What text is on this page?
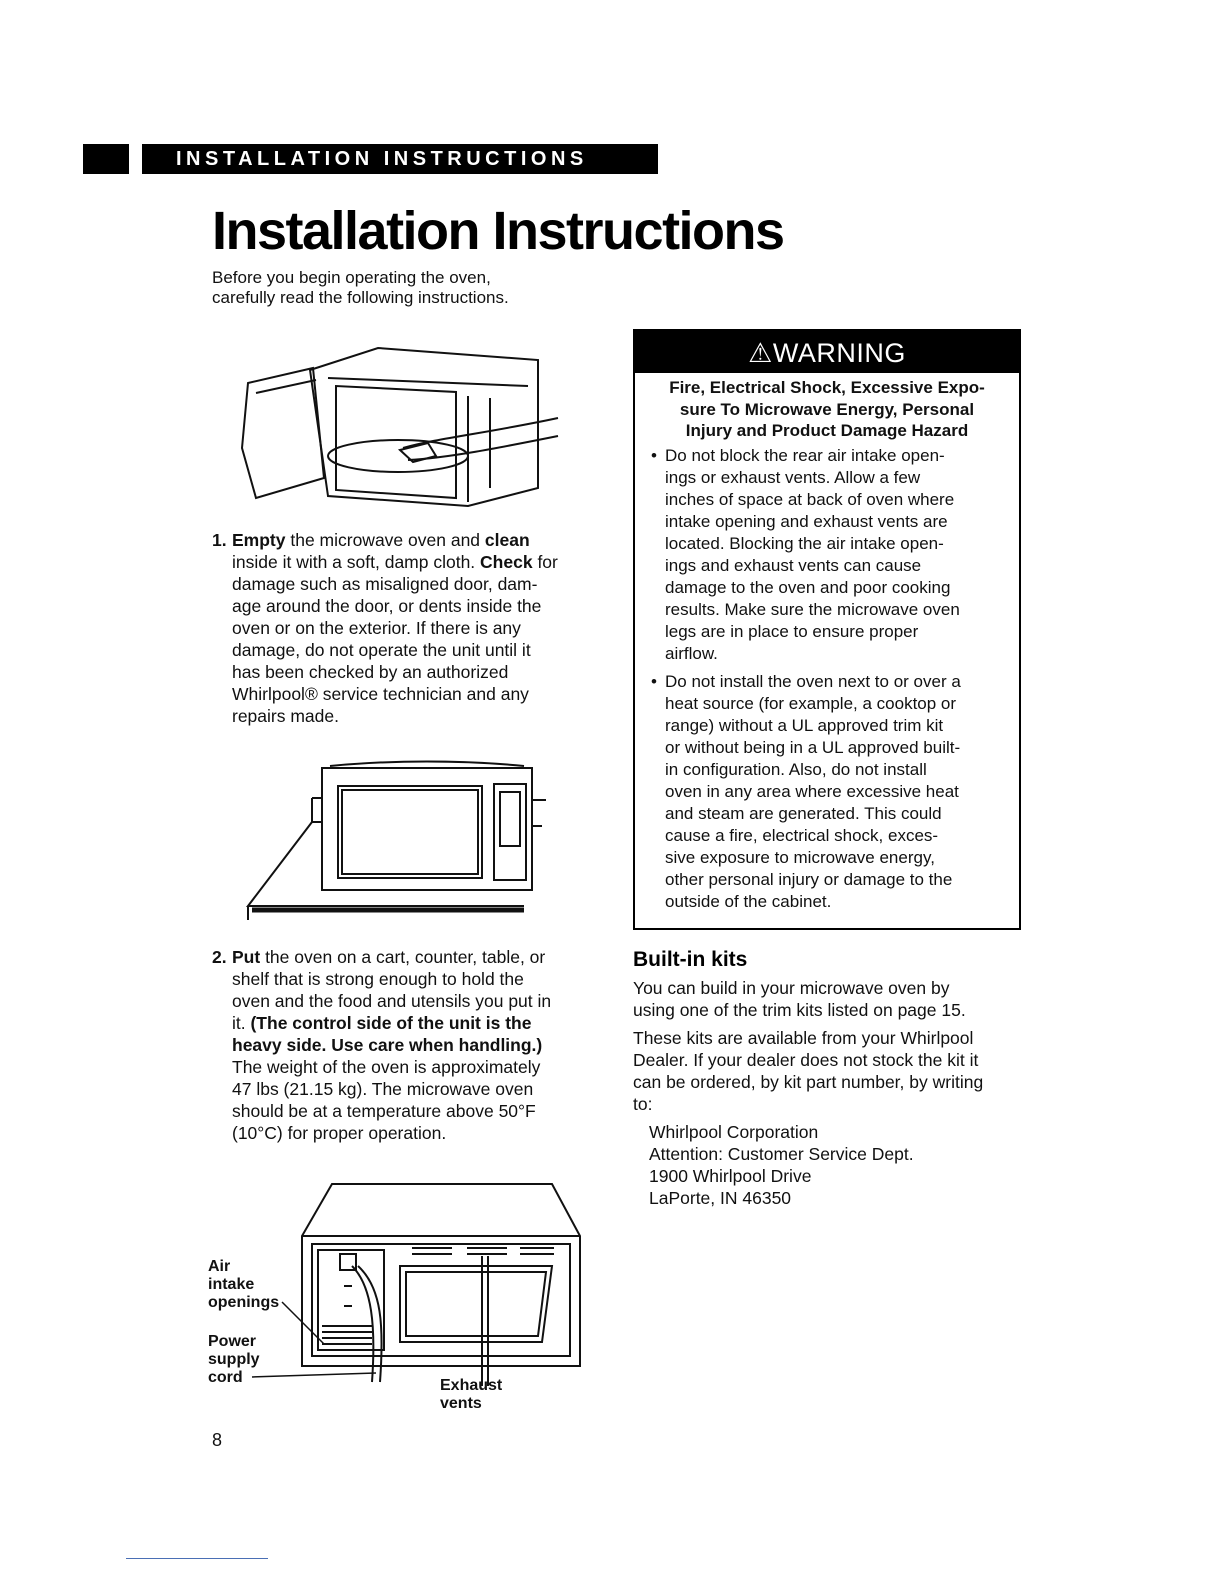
INSTALLATION INSTRUCTIONS
Installation Instructions
Before you begin operating the oven,
carefully read the following instructions.
1. Empty the microwave oven and clean
inside it with a soft, damp cloth. Check for
damage such as misaligned door, dam-
age around the door, or dents inside the
oven or on the exterior. If there is any
damage, do not operate the unit until it
has been checked by an authorized
Whirlpool® service technician and any
repairs made.
2. Put the oven on a cart, counter, table, or
shelf that is strong enough to hold the
oven and the food and utensils you put in
it. (The control side of the unit is the
heavy side. Use care when handling.)
The weight of the oven is approximately
47 lbs (21.15 kg). The microwave oven
should be at a temperature above 50°F
(10°C) for proper operation.
Air
intake
openings
Power
supply
cord	Exhaust
vents
⚠WARNING
Fire, Electrical Shock, Excessive Expo-
sure To Microwave Energy, Personal
Injury and Product Damage Hazard
• Do not block the rear air intake open-
ings or exhaust vents. Allow a few
inches of space at back of oven where
intake opening and exhaust vents are
located. Blocking the air intake open-
ings and exhaust vents can cause
damage to the oven and poor cooking
results. Make sure the microwave oven
legs are in place to ensure proper
airflow.
• Do not install the oven next to or over a
heat source (for example, a cooktop or
range) without a UL approved trim kit
or without being in a UL approved built-
in configuration. Also, do not install
oven in any area where excessive heat
and steam are generated. This could
cause a fire, electrical shock, exces-
sive exposure to microwave energy,
other personal injury or damage to the
outside of the cabinet.
Built-in kits

You can build in your microwave oven by
using one of the trim kits listed on page 15.

These kits are available from your Whirlpool
Dealer. If your dealer does not stock the kit it
can be ordered, by kit part number, by writing
to:

Whirlpool Corporation
Attention: Customer Service Dept.
1900 Whirlpool Drive
LaPorte, IN 46350
8
